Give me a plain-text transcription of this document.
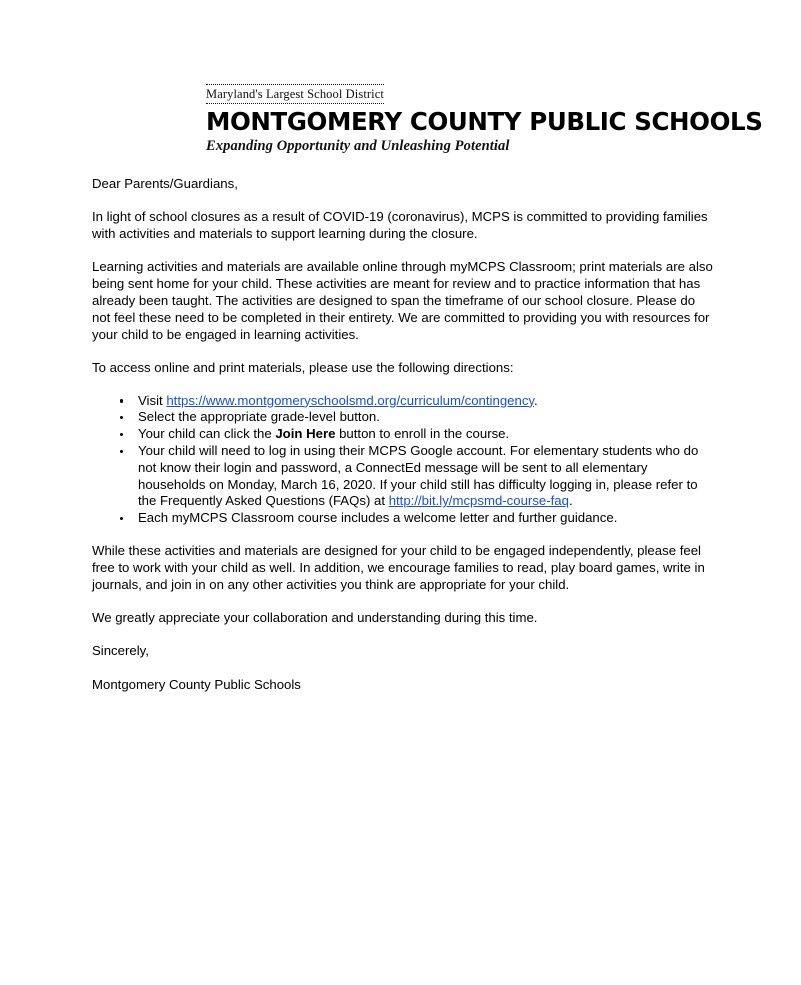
Maryland's Largest School District
MONTGOMERY COUNTY PUBLIC SCHOOLS
Expanding Opportunity and Unleashing Potential

Dear Parents/Guardians,

In light of school closures as a result of COVID-19 (coronavirus), MCPS is committed to providing families with activities and materials to support learning during the closure.

Learning activities and materials are available online through myMCPS Classroom; print materials are also being sent home for your child. These activities are meant for review and to practice information that has already been taught. The activities are designed to span the timeframe of our school closure. Please do not feel these need to be completed in their entirety. We are committed to providing you with resources for your child to be engaged in learning activities.

To access online and print materials, please use the following directions:

Visit https://www.montgomeryschoolsmd.org/curriculum/contingency.
Select the appropriate grade-level button.
Your child can click the Join Here button to enroll in the course.
Your child will need to log in using their MCPS Google account. For elementary students who do not know their login and password, a ConnectEd message will be sent to all elementary households on Monday, March 16, 2020. If your child still has difficulty logging in, please refer to the Frequently Asked Questions (FAQs) at http://bit.ly/mcpsmd-course-faq.
Each myMCPS Classroom course includes a welcome letter and further guidance.

While these activities and materials are designed for your child to be engaged independently, please feel free to work with your child as well. In addition, we encourage families to read, play board games, write in journals, and join in on any other activities you think are appropriate for your child.

We greatly appreciate your collaboration and understanding during this time.

Sincerely,

Montgomery County Public Schools
